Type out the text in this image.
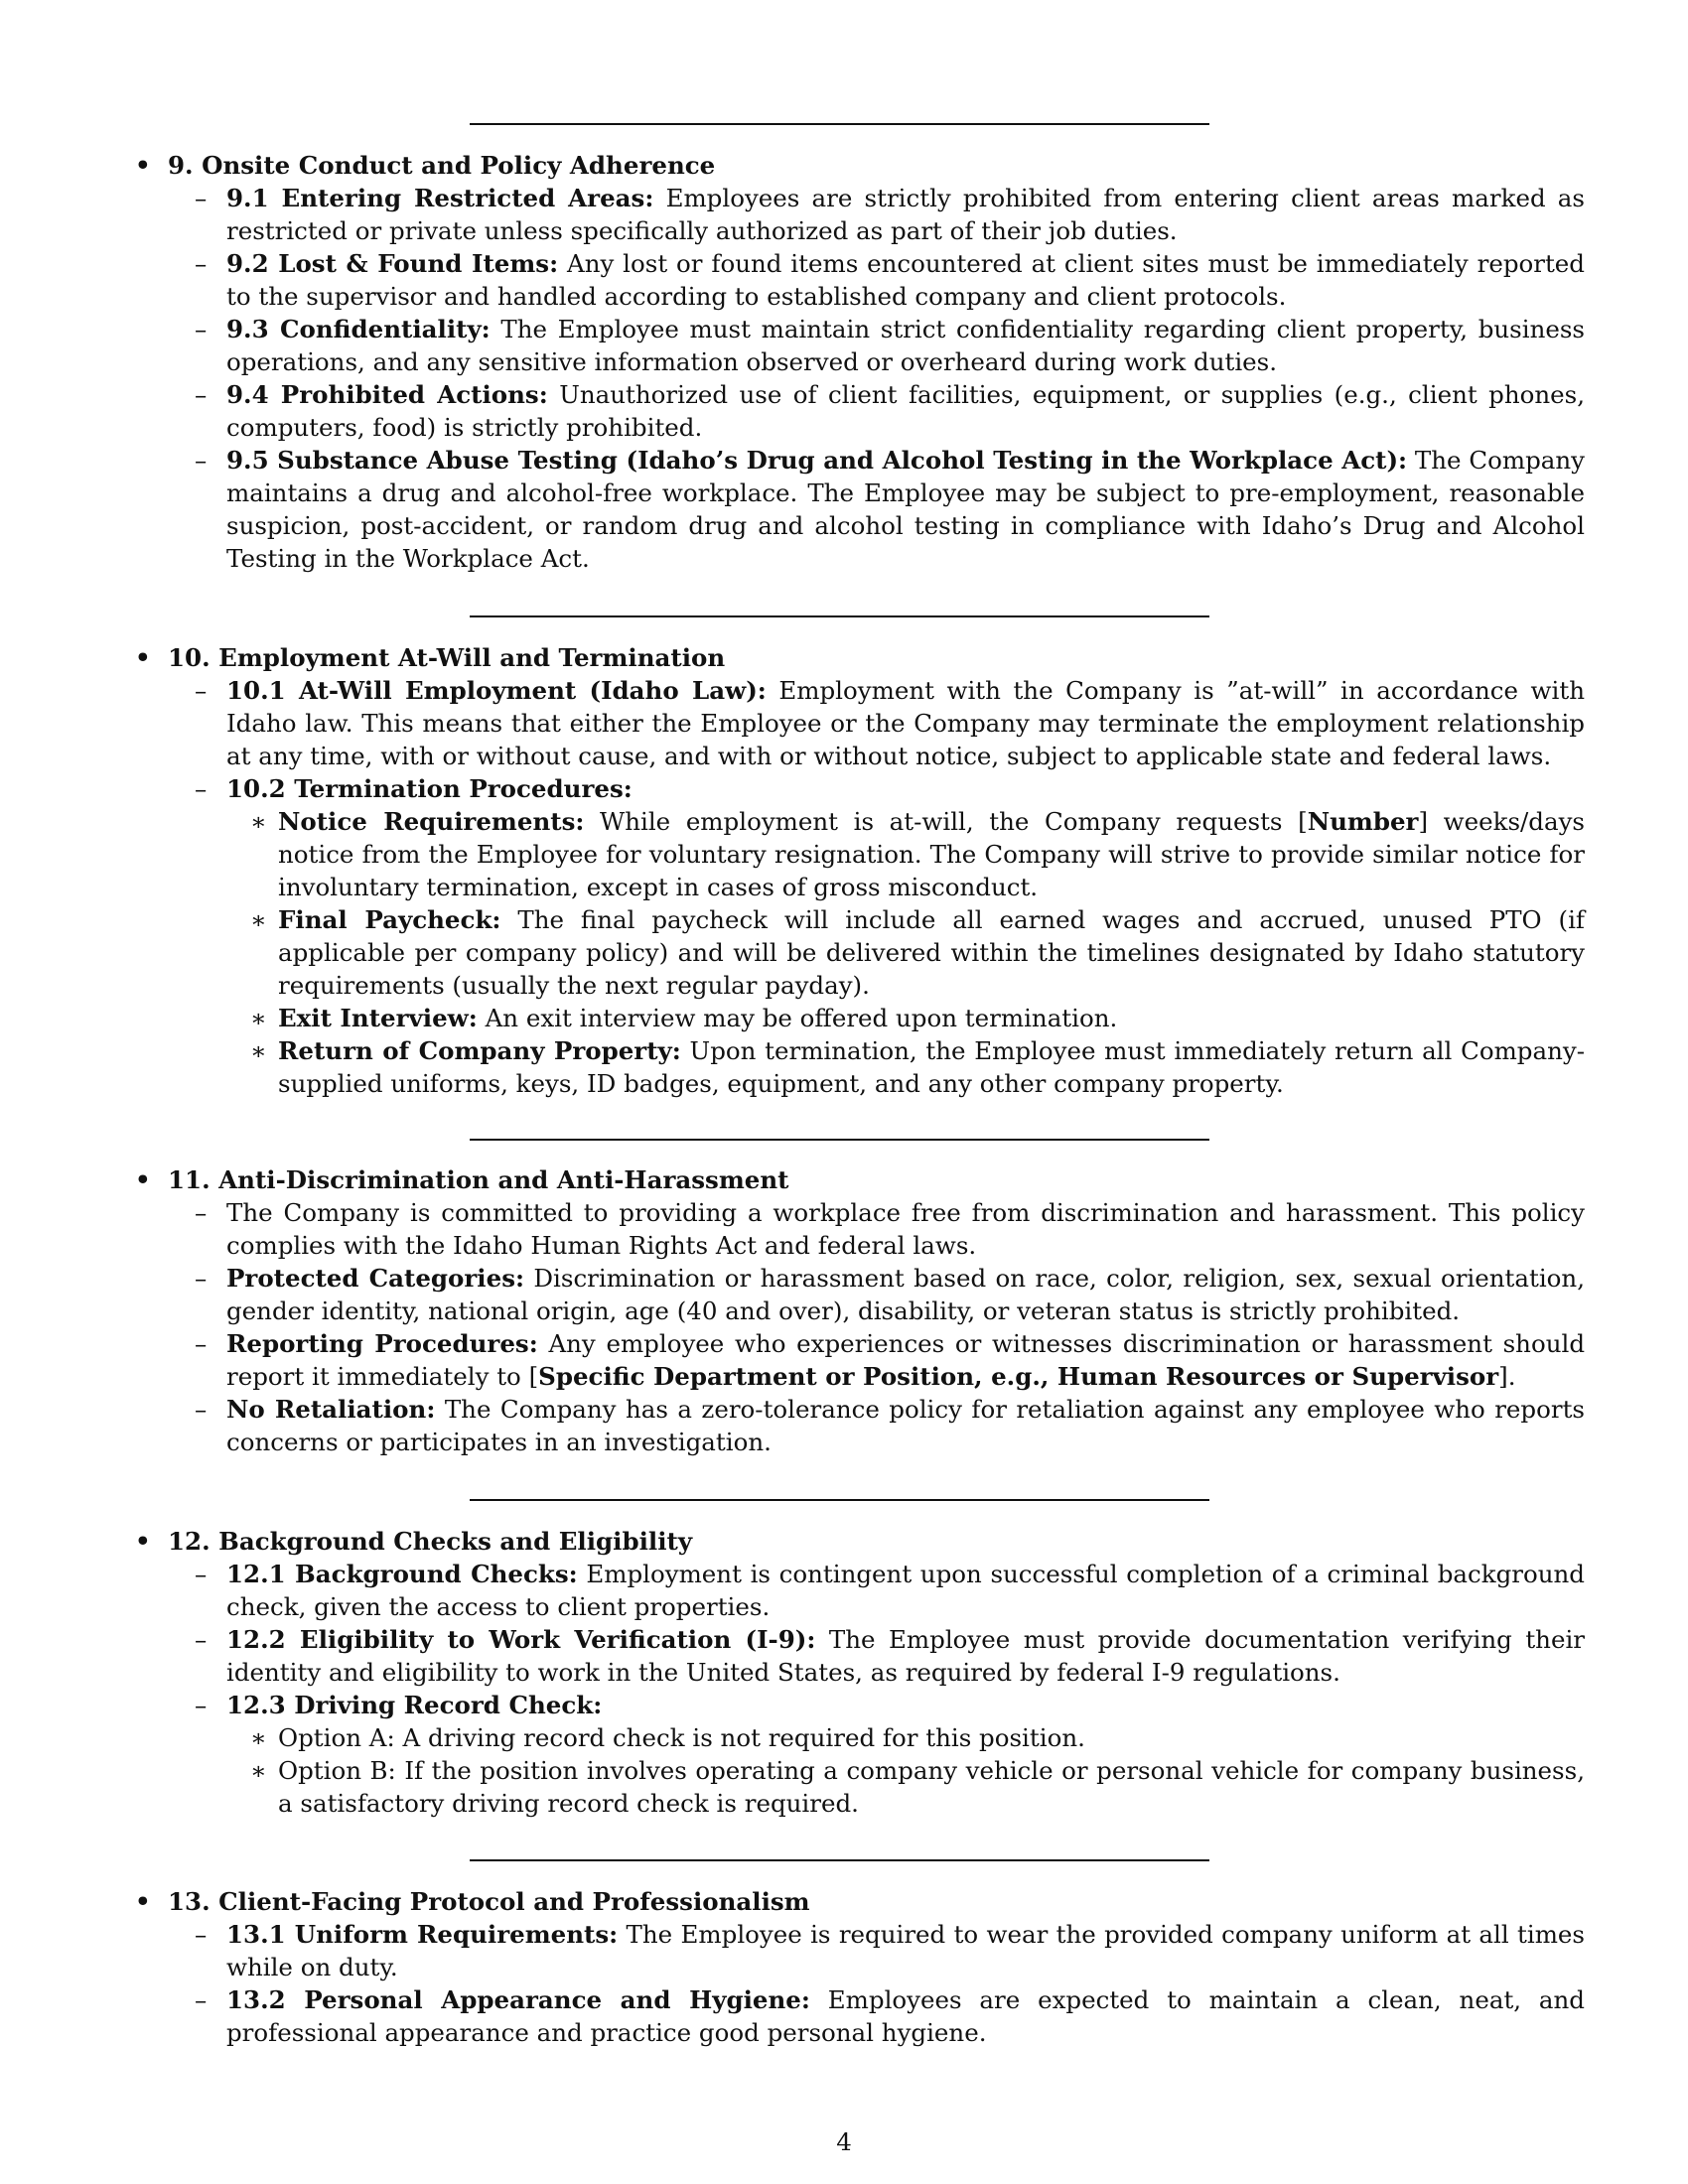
• 9. Onsite Conduct and Policy Adherence
– 9.1 Entering Restricted Areas: Employees are strictly prohibited from entering client areas marked as restricted or private unless specifically authorized as part of their job duties.
– 9.2 Lost & Found Items: Any lost or found items encountered at client sites must be immediately reported to the supervisor and handled according to established company and client protocols.
– 9.3 Confidentiality: The Employee must maintain strict confidentiality regarding client property, business operations, and any sensitive information observed or overheard during work duties.
– 9.4 Prohibited Actions: Unauthorized use of client facilities, equipment, or supplies (e.g., client phones, computers, food) is strictly prohibited.
– 9.5 Substance Abuse Testing (Idaho’s Drug and Alcohol Testing in the Workplace Act): The Company maintains a drug and alcohol-free workplace. The Employee may be subject to pre-employment, reasonable suspicion, post-accident, or random drug and alcohol testing in compliance with Idaho’s Drug and Alcohol Testing in the Workplace Act.
• 10. Employment At-Will and Termination
– 10.1 At-Will Employment (Idaho Law): Employment with the Company is ”at-will” in accordance with Idaho law. This means that either the Employee or the Company may terminate the employment relationship at any time, with or without cause, and with or without notice, subject to applicable state and federal laws.
– 10.2 Termination Procedures:
∗ Notice Requirements: While employment is at-will, the Company requests [Number] weeks/days notice from the Employee for voluntary resignation. The Company will strive to provide similar notice for involuntary termination, except in cases of gross misconduct.
∗ Final Paycheck: The final paycheck will include all earned wages and accrued, unused PTO (if applicable per company policy) and will be delivered within the timelines designated by Idaho statutory requirements (usually the next regular payday).
∗ Exit Interview: An exit interview may be offered upon termination.
∗ Return of Company Property: Upon termination, the Employee must immediately return all Company-supplied uniforms, keys, ID badges, equipment, and any other company property.
• 11. Anti-Discrimination and Anti-Harassment
– The Company is committed to providing a workplace free from discrimination and harassment. This policy complies with the Idaho Human Rights Act and federal laws.
– Protected Categories: Discrimination or harassment based on race, color, religion, sex, sexual orientation, gender identity, national origin, age (40 and over), disability, or veteran status is strictly prohibited.
– Reporting Procedures: Any employee who experiences or witnesses discrimination or harassment should report it immediately to [Specific Department or Position, e.g., Human Resources or Supervisor].
– No Retaliation: The Company has a zero-tolerance policy for retaliation against any employee who reports concerns or participates in an investigation.
• 12. Background Checks and Eligibility
– 12.1 Background Checks: Employment is contingent upon successful completion of a criminal background check, given the access to client properties.
– 12.2 Eligibility to Work Verification (I-9): The Employee must provide documentation verifying their identity and eligibility to work in the United States, as required by federal I-9 regulations.
– 12.3 Driving Record Check:
∗ Option A: A driving record check is not required for this position.
∗ Option B: If the position involves operating a company vehicle or personal vehicle for company business, a satisfactory driving record check is required.
• 13. Client-Facing Protocol and Professionalism
– 13.1 Uniform Requirements: The Employee is required to wear the provided company uniform at all times while on duty.
– 13.2 Personal Appearance and Hygiene: Employees are expected to maintain a clean, neat, and professional appearance and practice good personal hygiene.
4
